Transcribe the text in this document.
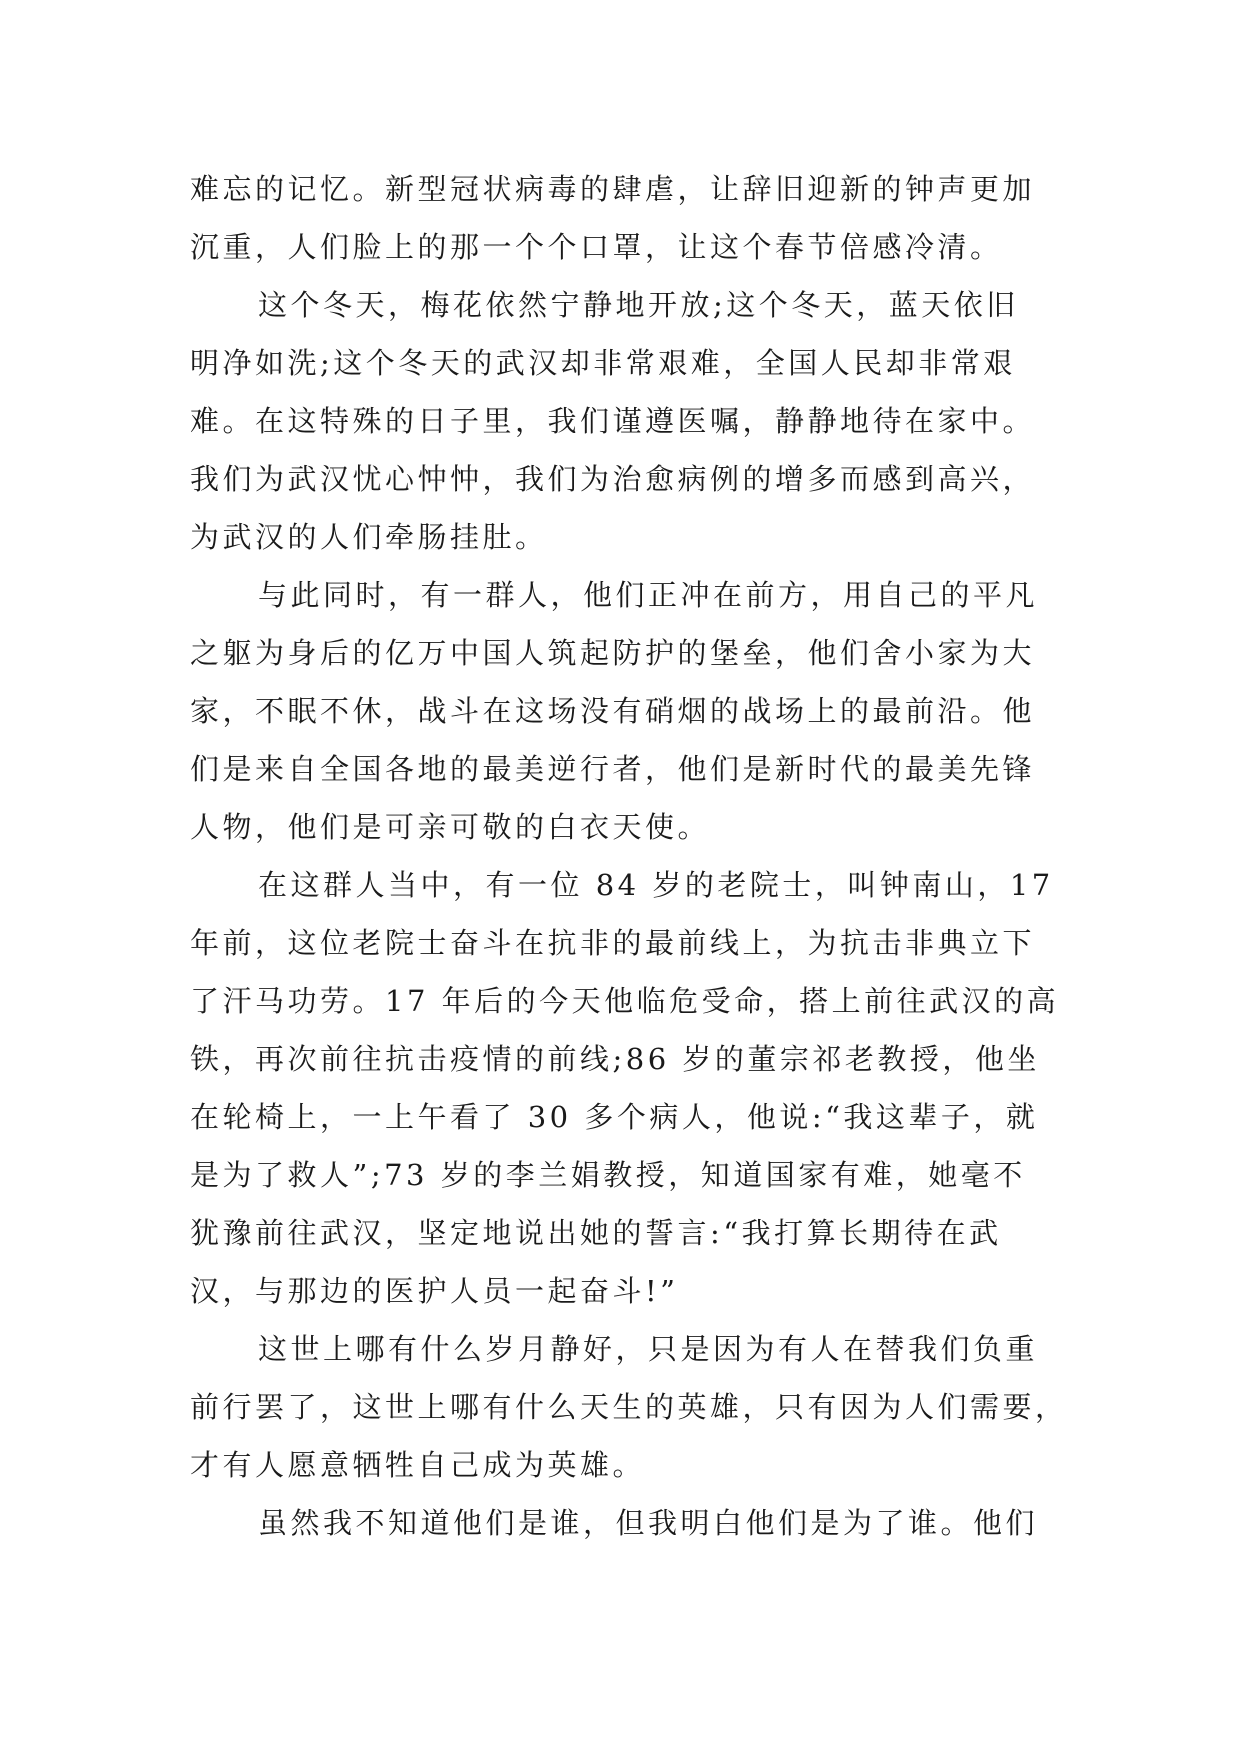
难忘的记忆。新型冠状病毒的肆虐，让辞旧迎新的钟声更加
沉重，人们脸上的那一个个口罩，让这个春节倍感冷清。
这个冬天，梅花依然宁静地开放;这个冬天，蓝天依旧
明净如洗;这个冬天的武汉却非常艰难，全国人民却非常艰
难。在这特殊的日子里，我们谨遵医嘱，静静地待在家中。
我们为武汉忧心忡忡，我们为治愈病例的增多而感到高兴，
为武汉的人们牵肠挂肚。
与此同时，有一群人，他们正冲在前方，用自己的平凡
之躯为身后的亿万中国人筑起防护的堡垒，他们舍小家为大
家，不眠不休，战斗在这场没有硝烟的战场上的最前沿。他
们是来自全国各地的最美逆行者，他们是新时代的最美先锋
人物，他们是可亲可敬的白衣天使。
在这群人当中，有一位 84 岁的老院士，叫钟南山，17
年前，这位老院士奋斗在抗非的最前线上，为抗击非典立下
了汗马功劳。17 年后的今天他临危受命，搭上前往武汉的高
铁，再次前往抗击疫情的前线;86 岁的董宗祁老教授，他坐
在轮椅上，一上午看了 30 多个病人，他说:“我这辈子，就
是为了救人”;73 岁的李兰娟教授，知道国家有难，她毫不
犹豫前往武汉，坚定地说出她的誓言:“我打算长期待在武
汉，与那边的医护人员一起奋斗!”
这世上哪有什么岁月静好，只是因为有人在替我们负重
前行罢了，这世上哪有什么天生的英雄，只有因为人们需要，
才有人愿意牺牲自己成为英雄。
虽然我不知道他们是谁，但我明白他们是为了谁。他们
